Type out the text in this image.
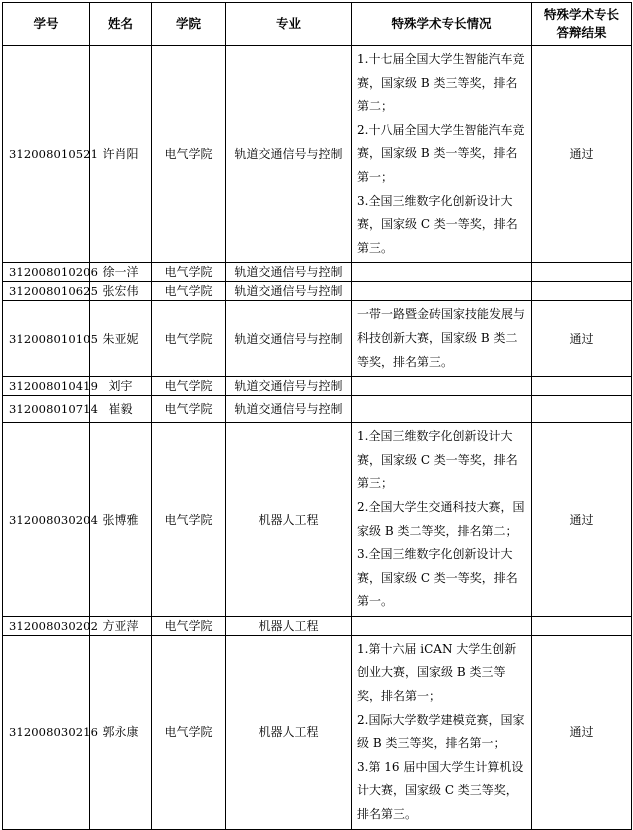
学号	姓名	学院	专业	特殊学术专长情况	特殊学术专长
答辩结果
312008010521	许肖阳	电气学院	轨道交通信号与控制	1.十七届全国大学生智能汽车竞赛，国家级 B 类三等奖，排名第二；
2.十八届全国大学生智能汽车竞赛，国家级 B 类一等奖，排名第一；
3.全国三维数字化创新设计大赛，国家级 C 类一等奖，排名第三。	通过
312008010206	徐一洋	电气学院	轨道交通信号与控制		
312008010625	张宏伟	电气学院	轨道交通信号与控制		
312008010105	朱亚妮	电气学院	轨道交通信号与控制	一带一路暨金砖国家技能发展与科技创新大赛，国家级 B 类二等奖，排名第三。	通过
312008010419	刘宇	电气学院	轨道交通信号与控制		
312008010714	崔毅	电气学院	轨道交通信号与控制		
312008030204	张博雅	电气学院	机器人工程	1.全国三维数字化创新设计大赛，国家级 C 类一等奖，排名第三；
2.全国大学生交通科技大赛，国家级 B 类二等奖，排名第二；
3.全国三维数字化创新设计大赛，国家级 C 类一等奖，排名第一。	通过
312008030202	方亚萍	电气学院	机器人工程		
312008030216	郭永康	电气学院	机器人工程	1.第十六届 iCAN 大学生创新创业大赛，国家级 B 类三等奖，排名第一；
2.国际大学数学建模竞赛，国家级 B 类三等奖，排名第一；
3.第 16 届中国大学生计算机设计大赛，国家级 C 类三等奖，排名第三。	通过
